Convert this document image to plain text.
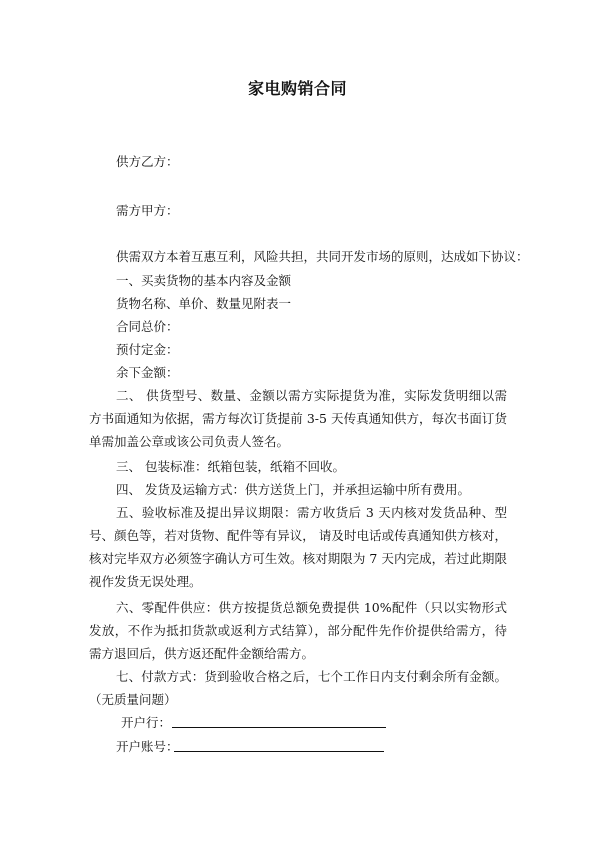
家电购销合同
供方乙方：
需方甲方：
供需双方本着互惠互利，风险共担，共同开发市场的原则，达成如下协议：
一、买卖货物的基本内容及金额
货物名称、单价、数量见附表一
合同总价：
预付定金：
余下金额：
二、 供货型号、数量、金额以需方实际提货为准，实际发货明细以需方书面通知为依据，需方每次订货提前 3-5 天传真通知供方，每次书面订货单需加盖公章或该公司负责人签名。
三、 包装标准：纸箱包装，纸箱不回收。
四、 发货及运输方式：供方送货上门，并承担运输中所有费用。
五、验收标准及提出异议期限：需方收货后 3 天内核对发货品种、型号、颜色等，若对货物、配件等有异议， 请及时电话或传真通知供方核对，核对完毕双方必须签字确认方可生效。核对期限为 7 天内完成，若过此期限视作发货无误处理。
六、零配件供应：供方按提货总额免费提供 10%配件（只以实物形式发放，不作为抵扣货款或返利方式结算），部分配件先作价提供给需方，待需方退回后，供方返还配件金额给需方。
七、付款方式：货到验收合格之后，七个工作日内支付剩余所有金额。（无质量问题）
开户行：
开户账号：
